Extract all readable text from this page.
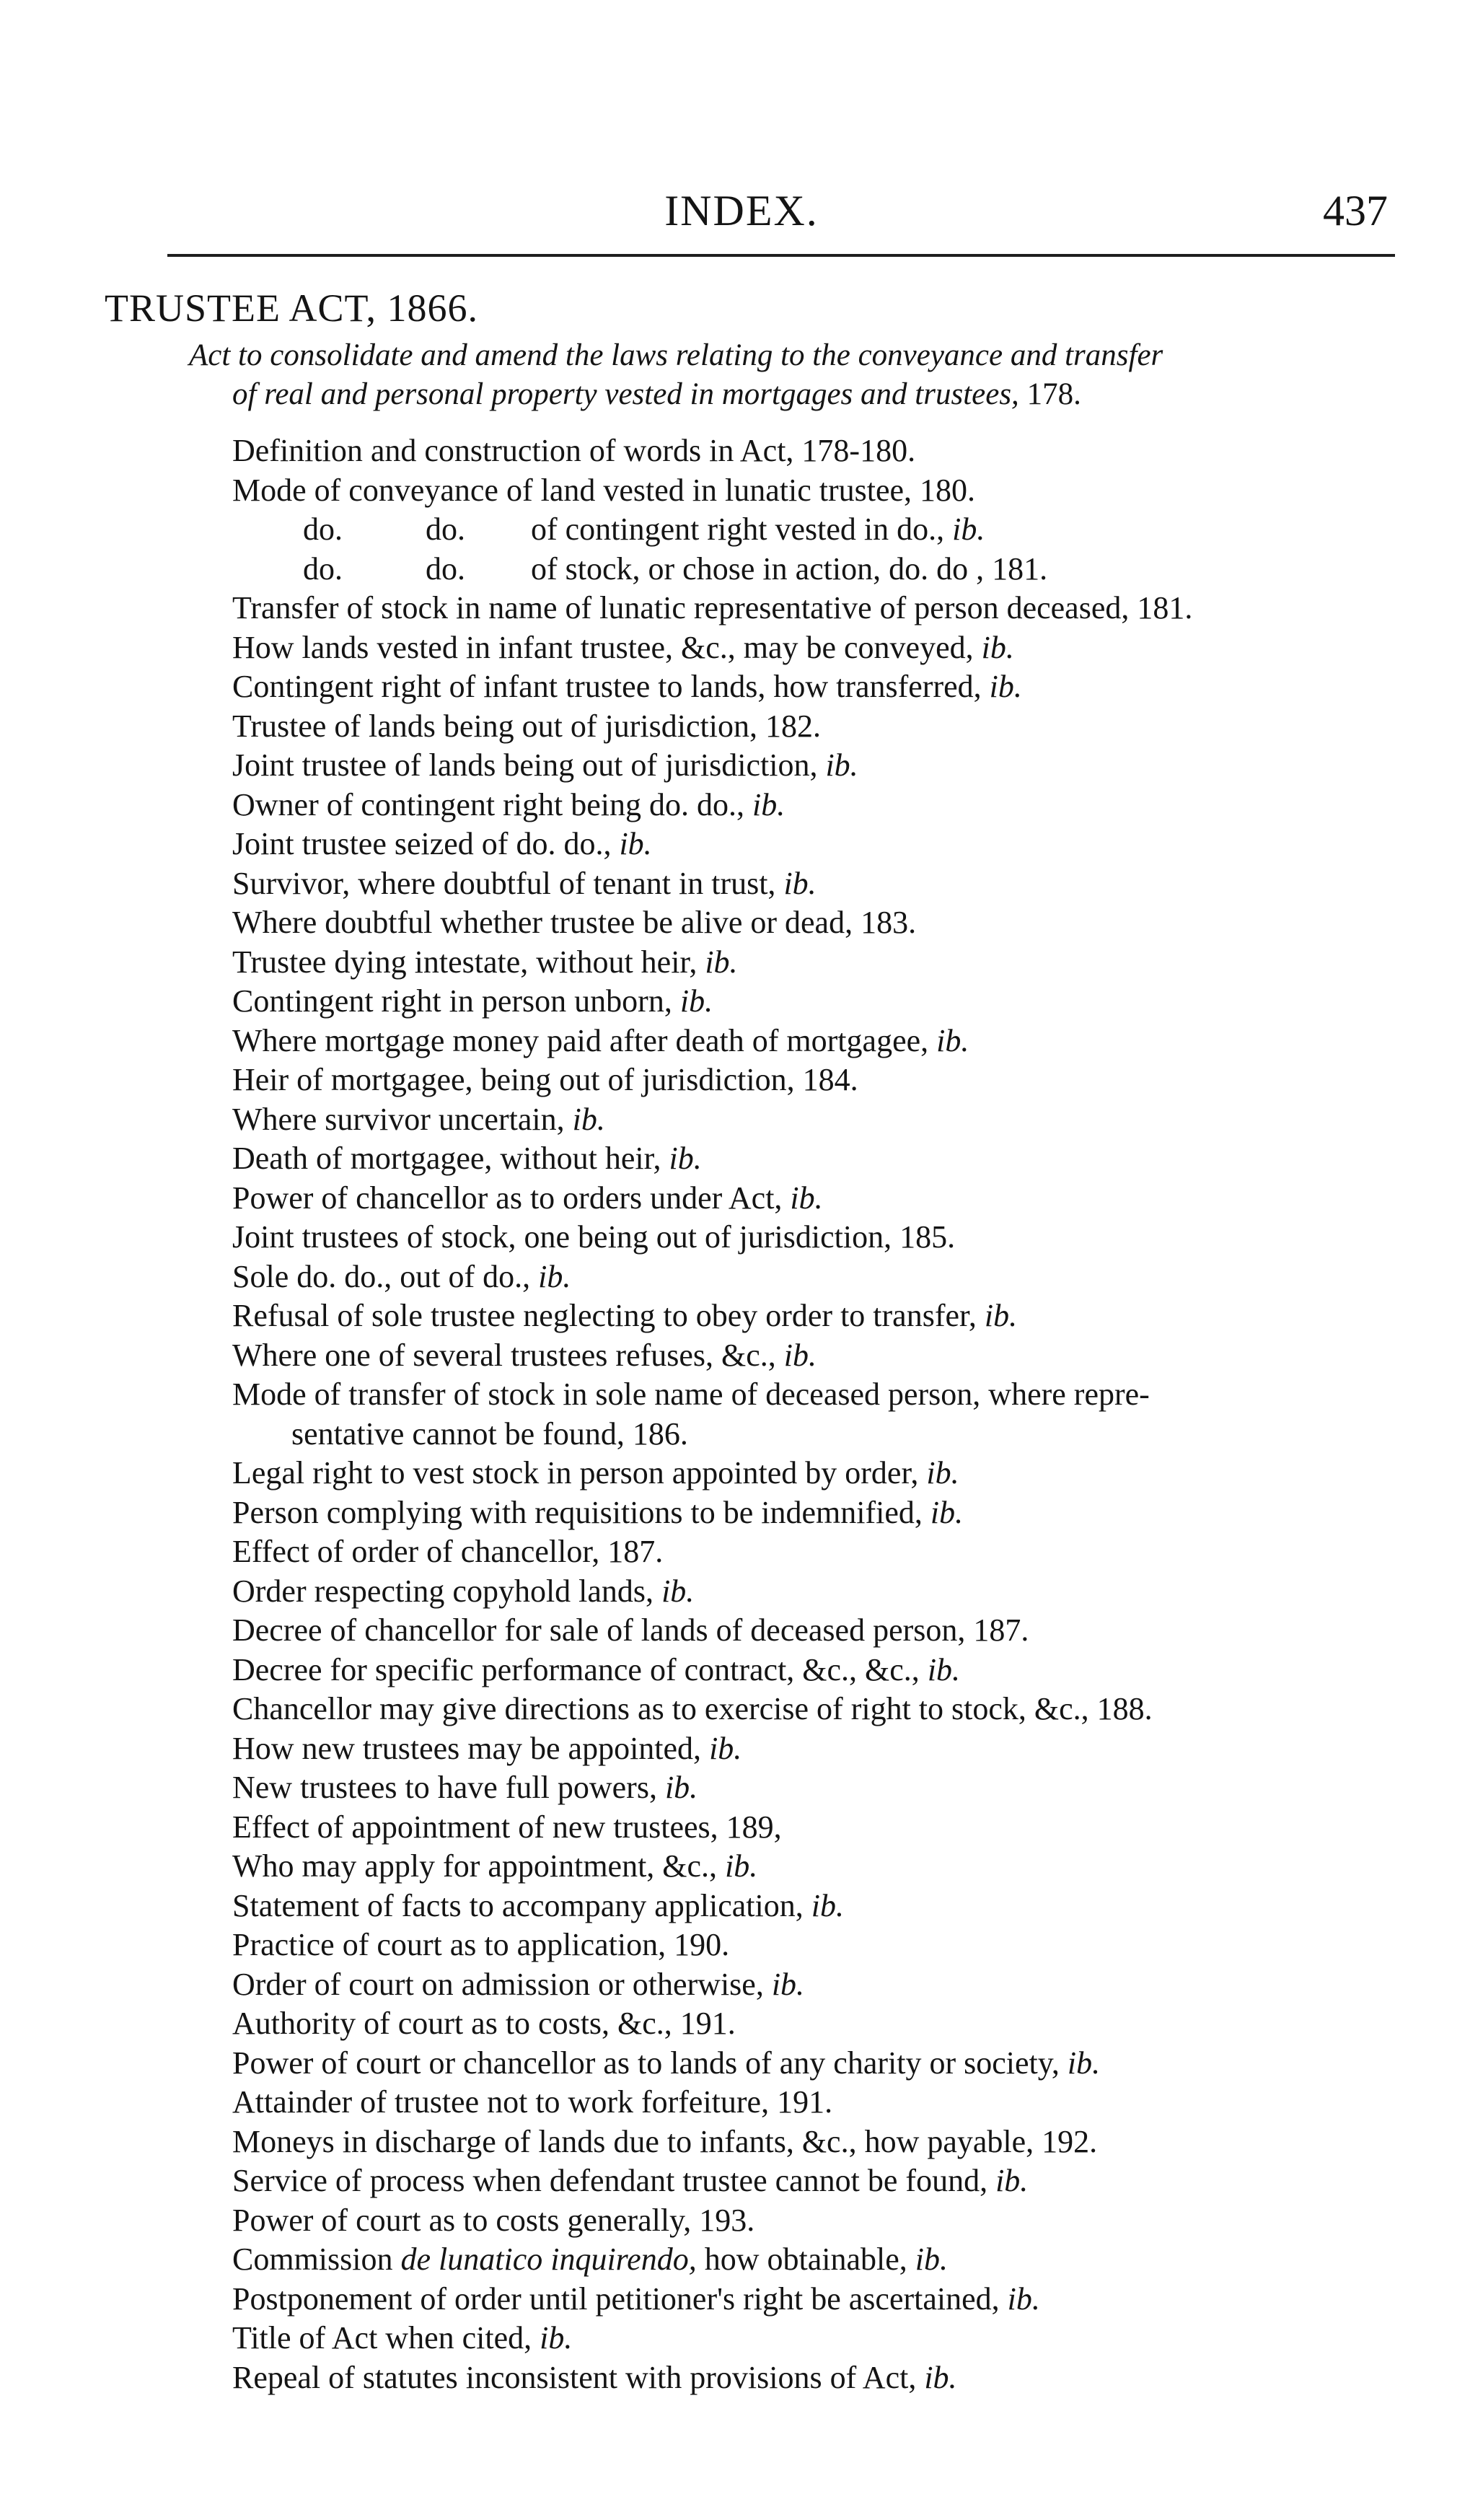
INDEX.	437
TRUSTEE ACT, 1866.
Act to consolidate and amend the laws relating to the conveyance and transfer
of real and personal property vested in mortgages and trustees, 178.
Definition and construction of words in Act, 178-180.
Mode of conveyance of land vested in lunatic trustee, 180.
do.	do. of contingent right vested in do., ib.
do.	do. of stock, or chose in action, do. do , 181.
Transfer of stock in name of lunatic representative of person deceased, 181.
How lands vested in infant trustee, &c., may be conveyed, ib.
Contingent right of infant trustee to lands, how transferred, ib.
Trustee of lands being out of jurisdiction, 182.
Joint trustee of lands being out of jurisdiction, ib.
Owner of contingent right being do. do., ib.
Joint trustee seized of do. do., ib.
Survivor, where doubtful of tenant in trust, ib.
Where doubtful whether trustee be alive or dead, 183.
Trustee dying intestate, without heir, ib.
Contingent right in person unborn, ib.
Where mortgage money paid after death of mortgagee, ib.
Heir of mortgagee, being out of jurisdiction, 184.
Where survivor uncertain, ib.
Death of mortgagee, without heir, ib.
Power of chancellor as to orders under Act, ib.
Joint trustees of stock, one being out of jurisdiction, 185.
Sole do. do., out of do., ib.
Refusal of sole trustee neglecting to obey order to transfer, ib.
Where one of several trustees refuses, &c., ib.
Mode of transfer of stock in sole name of deceased person, where repre-
sentative cannot be found, 186.
Legal right to vest stock in person appointed by order, ib.
Person complying with requisitions to be indemnified, ib.
Effect of order of chancellor, 187.
Order respecting copyhold lands, ib.
Decree of chancellor for sale of lands of deceased person, 187.
Decree for specific performance of contract, &c., &c., ib.
Chancellor may give directions as to exercise of right to stock, &c., 188.
How new trustees may be appointed, ib.
New trustees to have full powers, ib.
Effect of appointment of new trustees, 189,
Who may apply for appointment, &c., ib.
Statement of facts to accompany application, ib.
Practice of court as to application, 190.
Order of court on admission or otherwise, ib.
Authority of court as to costs, &c., 191.
Power of court or chancellor as to lands of any charity or society, ib.
Attainder of trustee not to work forfeiture, 191.
Moneys in discharge of lands due to infants, &c., how payable, 192.
Service of process when defendant trustee cannot be found, ib.
Power of court as to costs generally, 193.
Commission de lunatico inquirendo, how obtainable, ib.
Postponement of order until petitioner's right be ascertained, ib.
Title of Act when cited, ib.
Repeal of statutes inconsistent with provisions of Act, ib.
